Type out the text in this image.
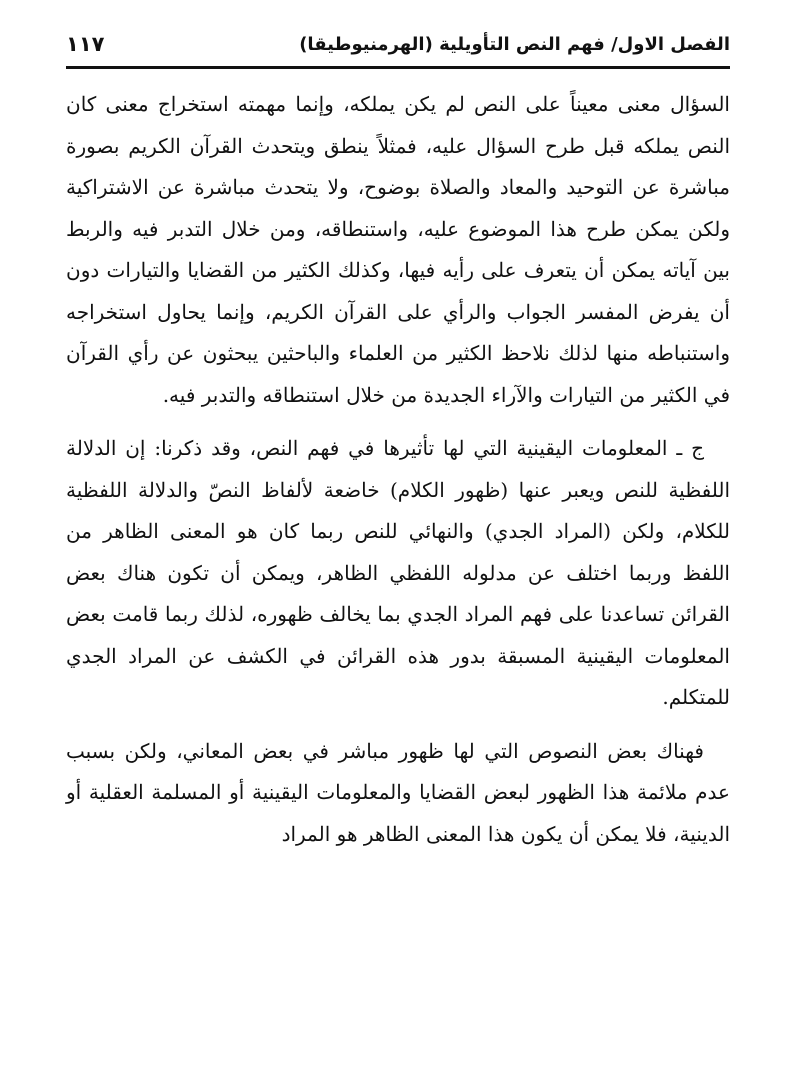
الفصل الاول/ فهم النص التأويلية (الهرمنيوطيقا)
١١٧

السؤال معنى معيناً على النص لم يكن يملكه، وإنما مهمته استخراج معنى كان النص يملكه قبل طرح السؤال عليه، فمثلاً ينطق ويتحدث القرآن الكريم بصورة مباشرة عن التوحيد والمعاد والصلاة بوضوح، ولا يتحدث مباشرة عن الاشتراكية ولكن يمكن طرح هذا الموضوع عليه، واستنطاقه، ومن خلال التدبر فيه والربط بين آياته يمكن أن يتعرف على رأيه فيها، وكذلك الكثير من القضايا والتيارات دون أن يفرض المفسر الجواب والرأي على القرآن الكريم، وإنما يحاول استخراجه واستنباطه منها لذلك نلاحظ الكثير من العلماء والباحثين يبحثون عن رأي القرآن في الكثير من التيارات والآراء الجديدة من خلال استنطاقه والتدبر فيه.

ج ـ المعلومات اليقينية التي لها تأثيرها في فهم النص، وقد ذكرنا: إن الدلالة اللفظية للنص ويعبر عنها (ظهور الكلام) خاضعة لألفاظ النصّ والدلالة اللفظية للكلام، ولكن (المراد الجدي) والنهائي للنص ربما كان هو المعنى الظاهر من اللفظ وربما اختلف عن مدلوله اللفظي الظاهر، ويمكن أن تكون هناك بعض القرائن تساعدنا على فهم المراد الجدي بما يخالف ظهوره، لذلك ربما قامت بعض المعلومات اليقينية المسبقة بدور هذه القرائن في الكشف عن المراد الجدي للمتكلم.

فهناك بعض النصوص التي لها ظهور مباشر في بعض المعاني، ولكن بسبب عدم ملائمة هذا الظهور لبعض القضايا والمعلومات اليقينية أو المسلمة العقلية أو الدينية، فلا يمكن أن يكون هذا المعنى الظاهر هو المراد
